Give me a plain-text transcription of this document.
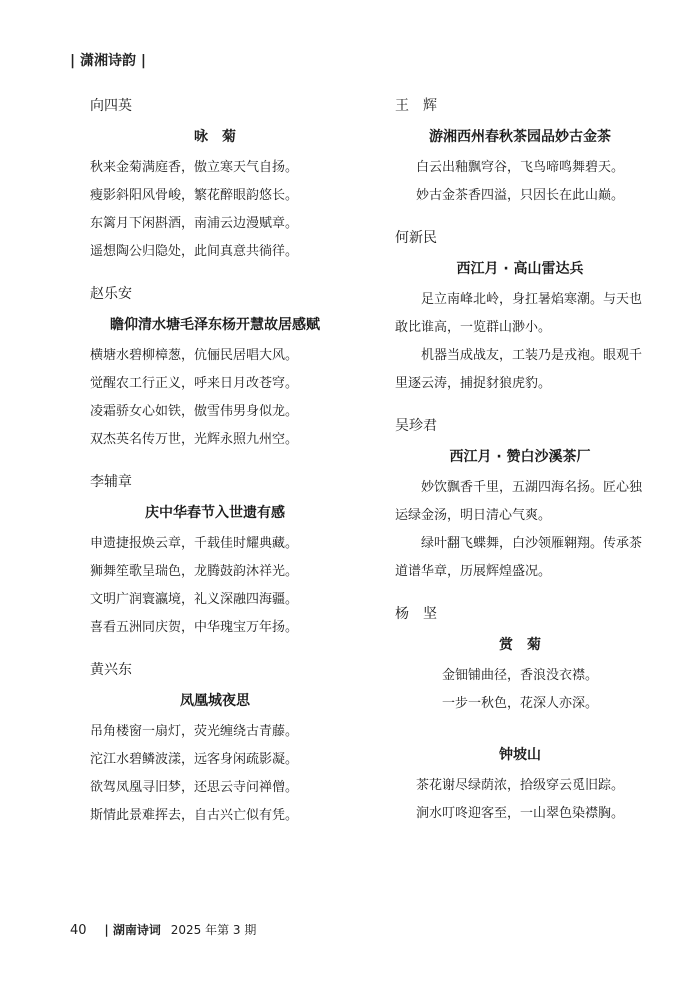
| 潇湘诗韵 |
向四英
咏　菊
秋来金菊满庭香，傲立寒天气自扬。
瘦影斜阳风骨峻，繁花醉眼韵悠长。
东篱月下闲斟酒，南浦云边漫赋章。
遥想陶公归隐处，此间真意共徜徉。
赵乐安
瞻仰清水塘毛泽东杨开慧故居感赋
横塘水碧柳樟葱，伉俪民居唱大风。
觉醒农工行正义，呼来日月改苍穹。
凌霜骄女心如铁，傲雪伟男身似龙。
双杰英名传万世，光辉永照九州空。
李辅章
庆中华春节入世遗有感
申遗捷报焕云章，千载佳时耀典藏。
狮舞笙歌呈瑞色，龙腾鼓韵沐祥光。
文明广润寰瀛境，礼义深融四海疆。
喜看五洲同庆贺，中华瑰宝万年扬。
黄兴东
凤凰城夜思
吊角楼窗一扇灯，荧光缠绕古青藤。
沱江水碧鳞波漾，远客身闲疏影凝。
欲驾凤凰寻旧梦，还思云寺问禅僧。
斯情此景难挥去，自古兴亡似有凭。
王　辉
游湘西州春秋茶园品妙古金茶
白云出釉飘穹谷，飞鸟啼鸣舞碧天。
妙古金茶香四溢，只因长在此山巅。
何新民
西江月 · 高山雷达兵
足立南峰北岭，身扛暑焰寒潮。与天也敢比谁高，一览群山渺小。
机器当成战友，工装乃是戎袍。眼观千里逐云涛，捕捉豺狼虎豹。
吴珍君
西江月 · 赞白沙溪茶厂
妙饮飘香千里，五湖四海名扬。匠心独运绿金汤，明日清心气爽。
绿叶翻飞蝶舞，白沙领雁翱翔。传承茶道谱华章，历展辉煌盛况。
杨　坚
赏　菊
金钿铺曲径，香浪没衣襟。
一步一秋色，花深人亦深。
钟坡山
茶花谢尽绿荫浓，拾级穿云觅旧踪。
涧水叮咚迎客至，一山翠色染襟胸。
40 | 湖南诗词 2025 年第 3 期
